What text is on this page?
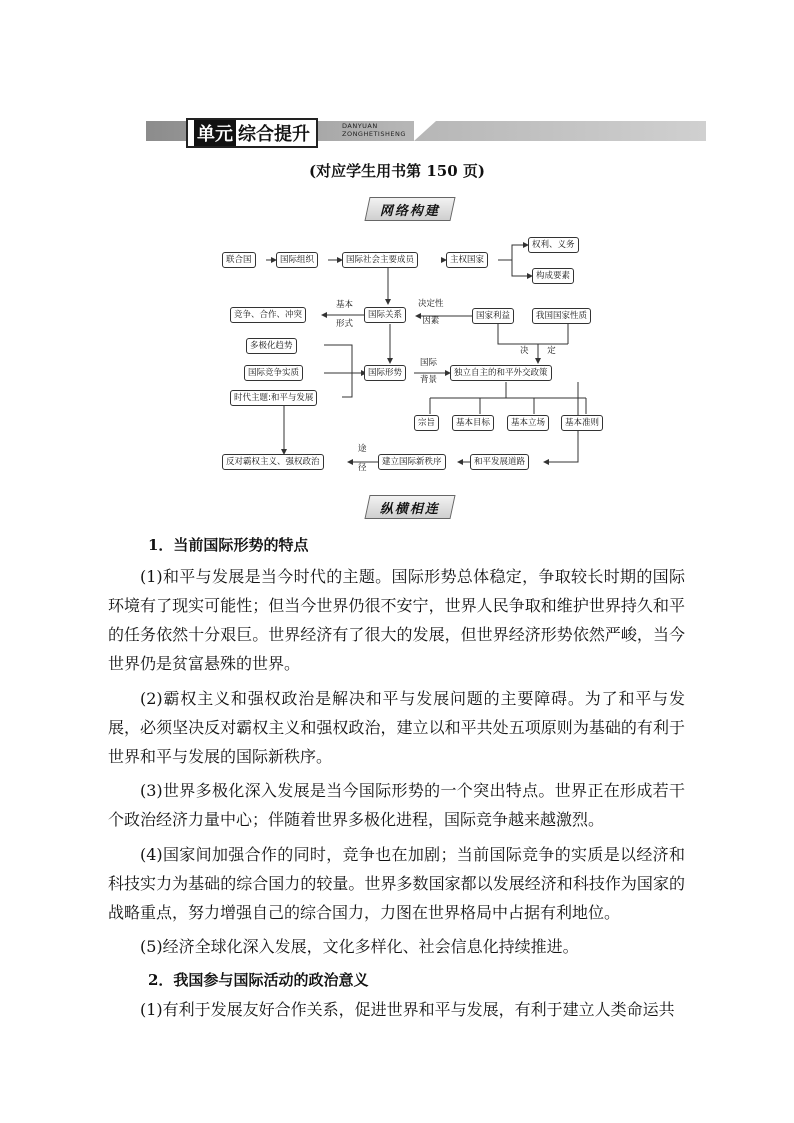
单元 综合提升	DANYUAN
ZONGHETISHENG
(对应学生用书第 150 页)
网络构建
联合国	国际组织	国际社会主要成员	主权国家
权利、义务
构成要素
竞争、合作、冲突
基本
形式
国际关系
决定性
因素	国家利益	我国国家性质
决 定
多极化趋势
国际竞争实质
时代主题:和平与发展
国际形势
国际
背景
独立自主的和平外交政策
宗旨	基本目标	基本立场	基本准则
反对霸权主义、强权政治
途
径
建立国际新秩序	和平发展道路
纵横相连
1．当前国际形势的特点
(1)和平与发展是当今时代的主题。国际形势总体稳定，争取较长时期的国际环境有了现实可能性；但当今世界仍很不安宁，世界人民争取和维护世界持久和平的任务依然十分艰巨。世界经济有了很大的发展，但世界经济形势依然严峻，当今世界仍是贫富悬殊的世界。
(2)霸权主义和强权政治是解决和平与发展问题的主要障碍。为了和平与发展，必须坚决反对霸权主义和强权政治，建立以和平共处五项原则为基础的有利于世界和平与发展的国际新秩序。
(3)世界多极化深入发展是当今国际形势的一个突出特点。世界正在形成若干个政治经济力量中心；伴随着世界多极化进程，国际竞争越来越激烈。
(4)国家间加强合作的同时，竞争也在加剧；当前国际竞争的实质是以经济和科技实力为基础的综合国力的较量。世界多数国家都以发展经济和科技作为国家的战略重点，努力增强自己的综合国力，力图在世界格局中占据有利地位。
(5)经济全球化深入发展，文化多样化、社会信息化持续推进。
2．我国参与国际活动的政治意义
(1)有利于发展友好合作关系，促进世界和平与发展，有利于建立人类命运共
